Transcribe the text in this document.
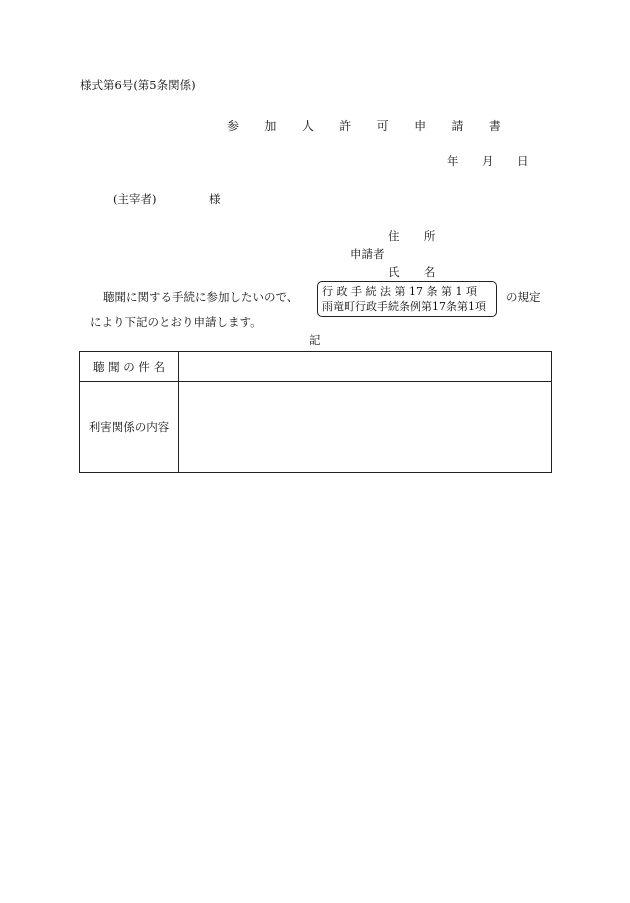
様式第6号(第5条関係)
参 加 人 許 可 申 請 書
年 月 日
(主宰者)	様
住 所
申請者
氏 名
聴聞に関する手続に参加したいので、 行 政 手 続 法 第 17 条 第 1 項
雨竜町行政手続条例第17条第1項
の規定
により下記のとおり申請します。
記
聴 聞 の 件 名	
利害関係の内容	
